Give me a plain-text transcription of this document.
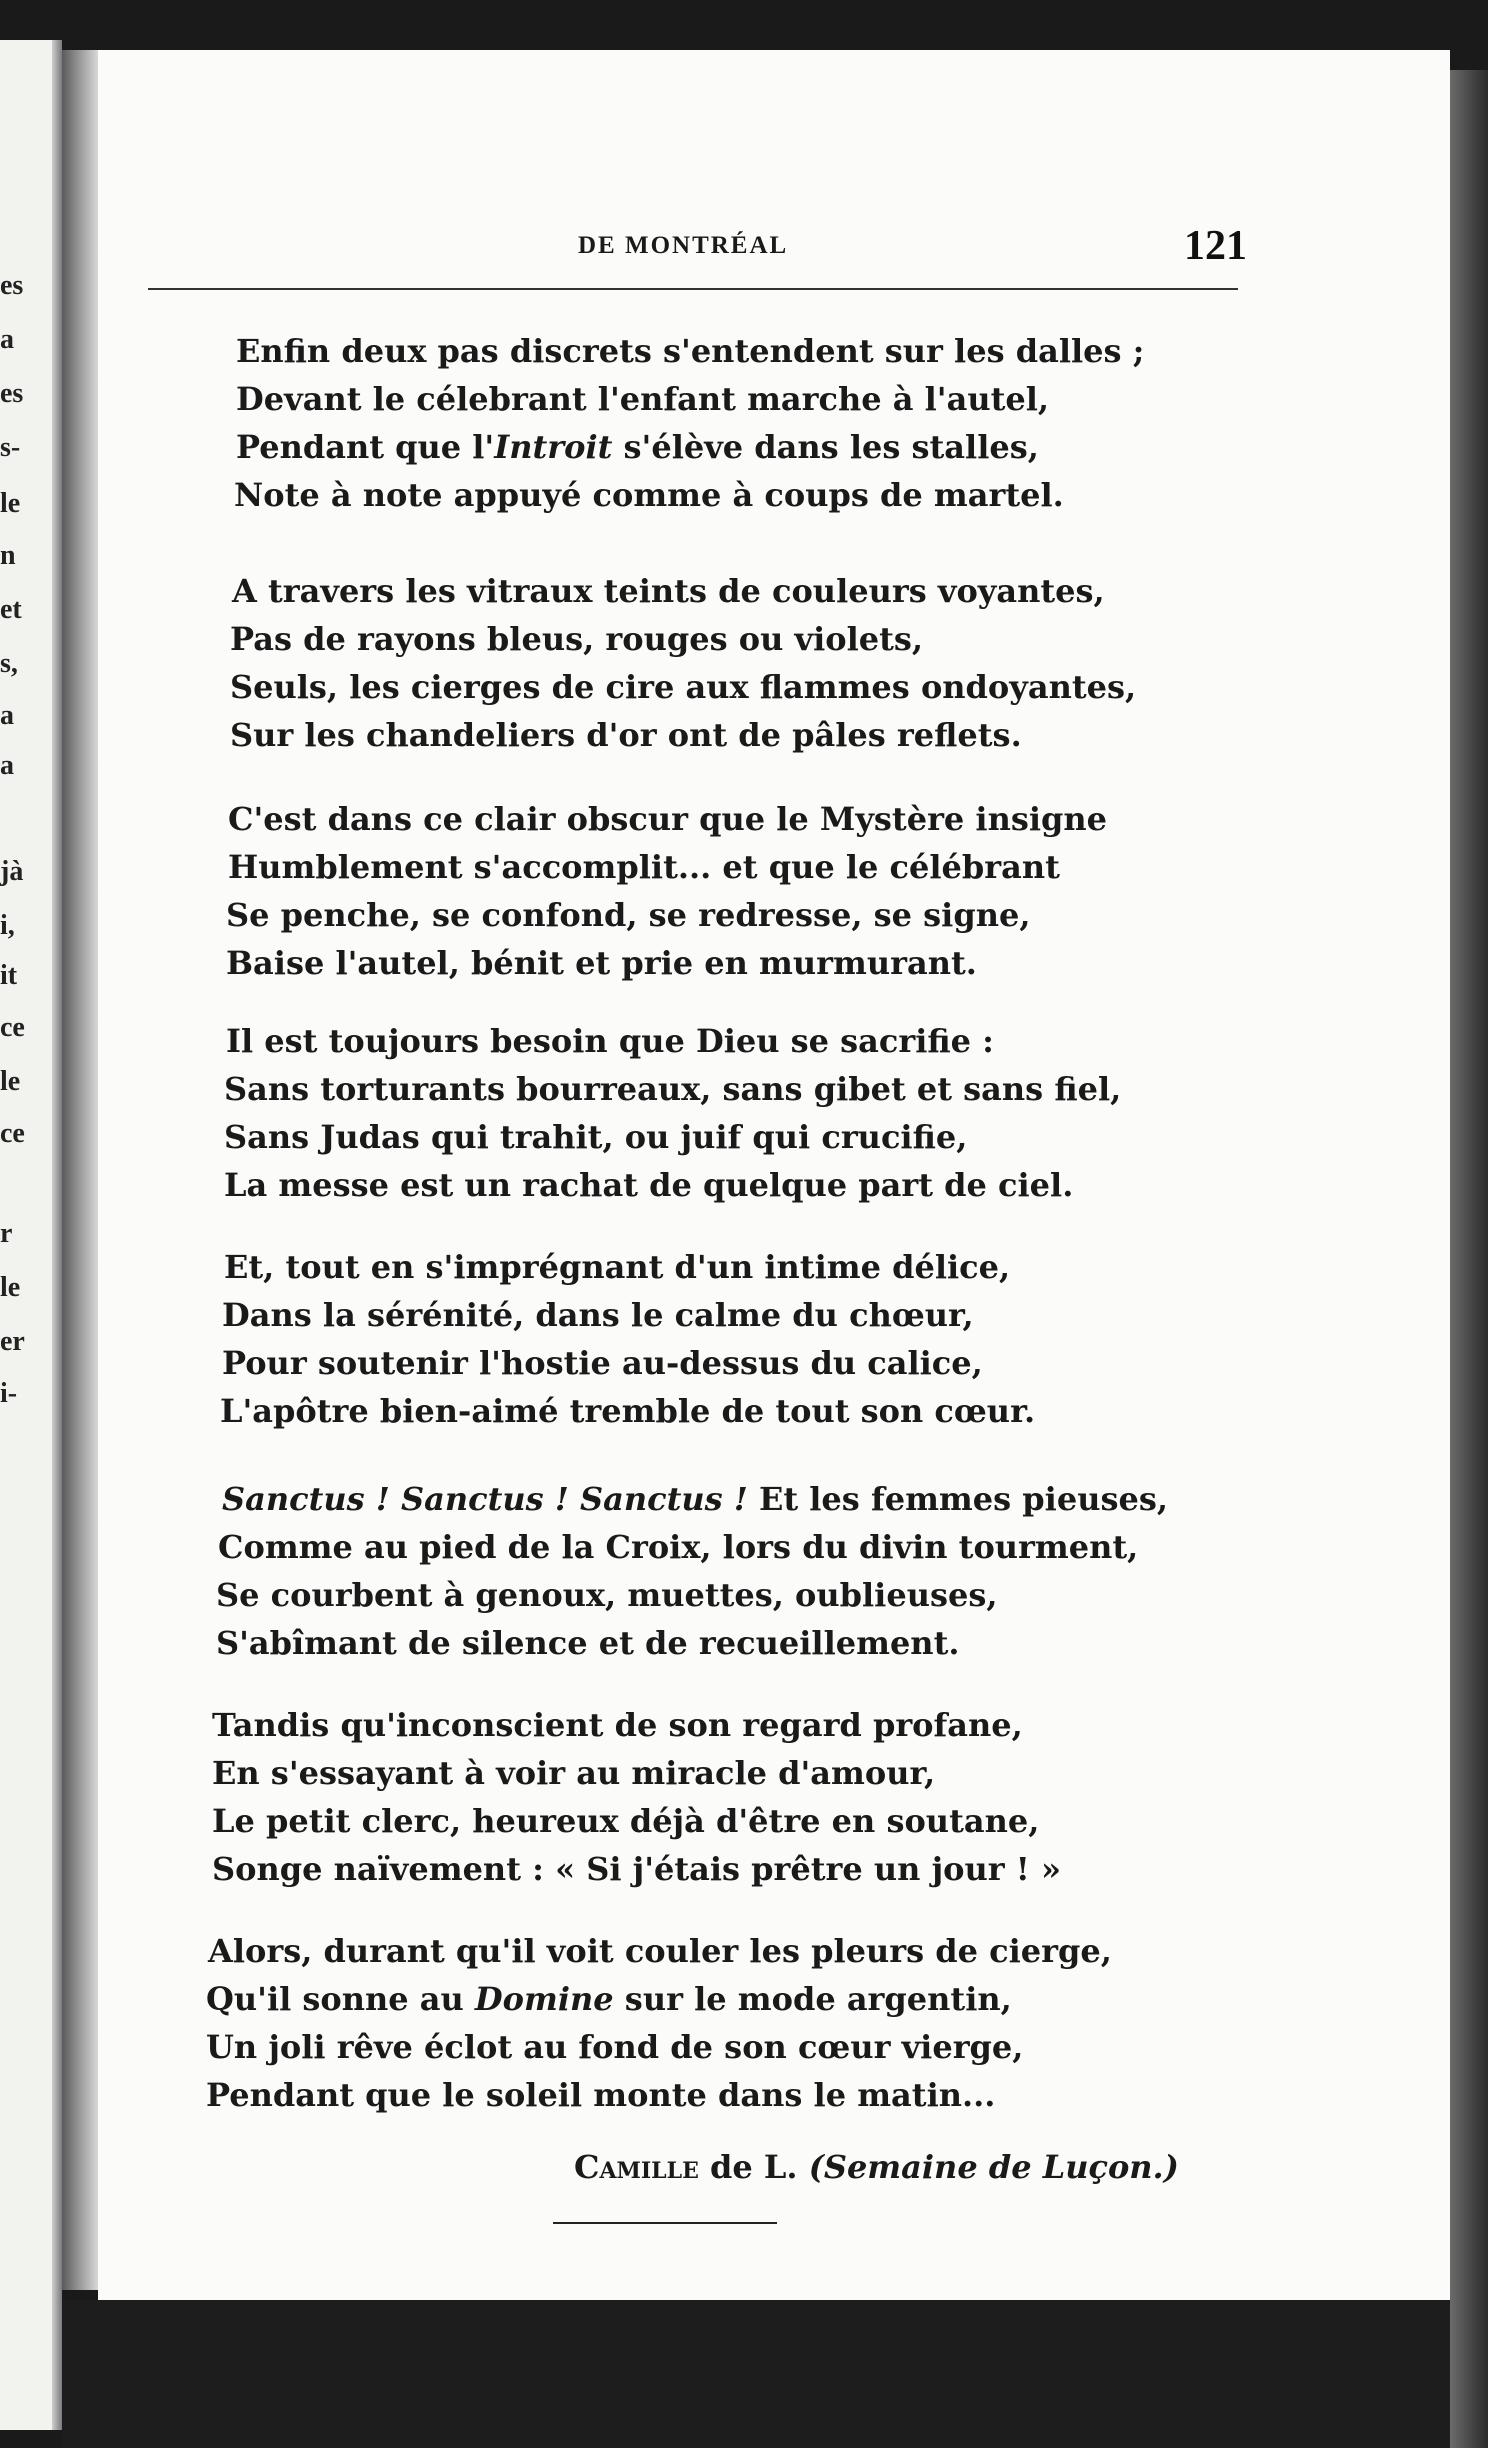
es
a
es
s-
le
n
et
s,
a
a
jà
i,
it
ce
le
ce
r
le
er
i-
DE MONTRÉAL	121
Enfin deux pas discrets s'entendent sur les dalles ;
Devant le célebrant l'enfant marche à l'autel,
Pendant que l'Introit s'élève dans les stalles,
Note à note appuyé comme à coups de martel.
A travers les vitraux teints de couleurs voyantes,
Pas de rayons bleus, rouges ou violets,
Seuls, les cierges de cire aux flammes ondoyantes,
Sur les chandeliers d'or ont de pâles reflets.
C'est dans ce clair obscur que le Mystère insigne
Humblement s'accomplit... et que le célébrant
Se penche, se confond, se redresse, se signe,
Baise l'autel, bénit et prie en murmurant.
Il est toujours besoin que Dieu se sacrifie :
Sans torturants bourreaux, sans gibet et sans fiel,
Sans Judas qui trahit, ou juif qui crucifie,
La messe est un rachat de quelque part de ciel.
Et, tout en s'imprégnant d'un intime délice,
Dans la sérénité, dans le calme du chœur,
Pour soutenir l'hostie au-dessus du calice,
L'apôtre bien-aimé tremble de tout son cœur.
Sanctus ! Sanctus ! Sanctus ! Et les femmes pieuses,
Comme au pied de la Croix, lors du divin tourment,
Se courbent à genoux, muettes, oublieuses,
S'abîmant de silence et de recueillement.
Tandis qu'inconscient de son regard profane,
En s'essayant à voir au miracle d'amour,
Le petit clerc, heureux déjà d'être en soutane,
Songe naïvement : « Si j'étais prêtre un jour ! »
Alors, durant qu'il voit couler les pleurs de cierge,
Qu'il sonne au Domine sur le mode argentin,
Un joli rêve éclot au fond de son cœur vierge,
Pendant que le soleil monte dans le matin...
Camille de L. (Semaine de Luçon.)
